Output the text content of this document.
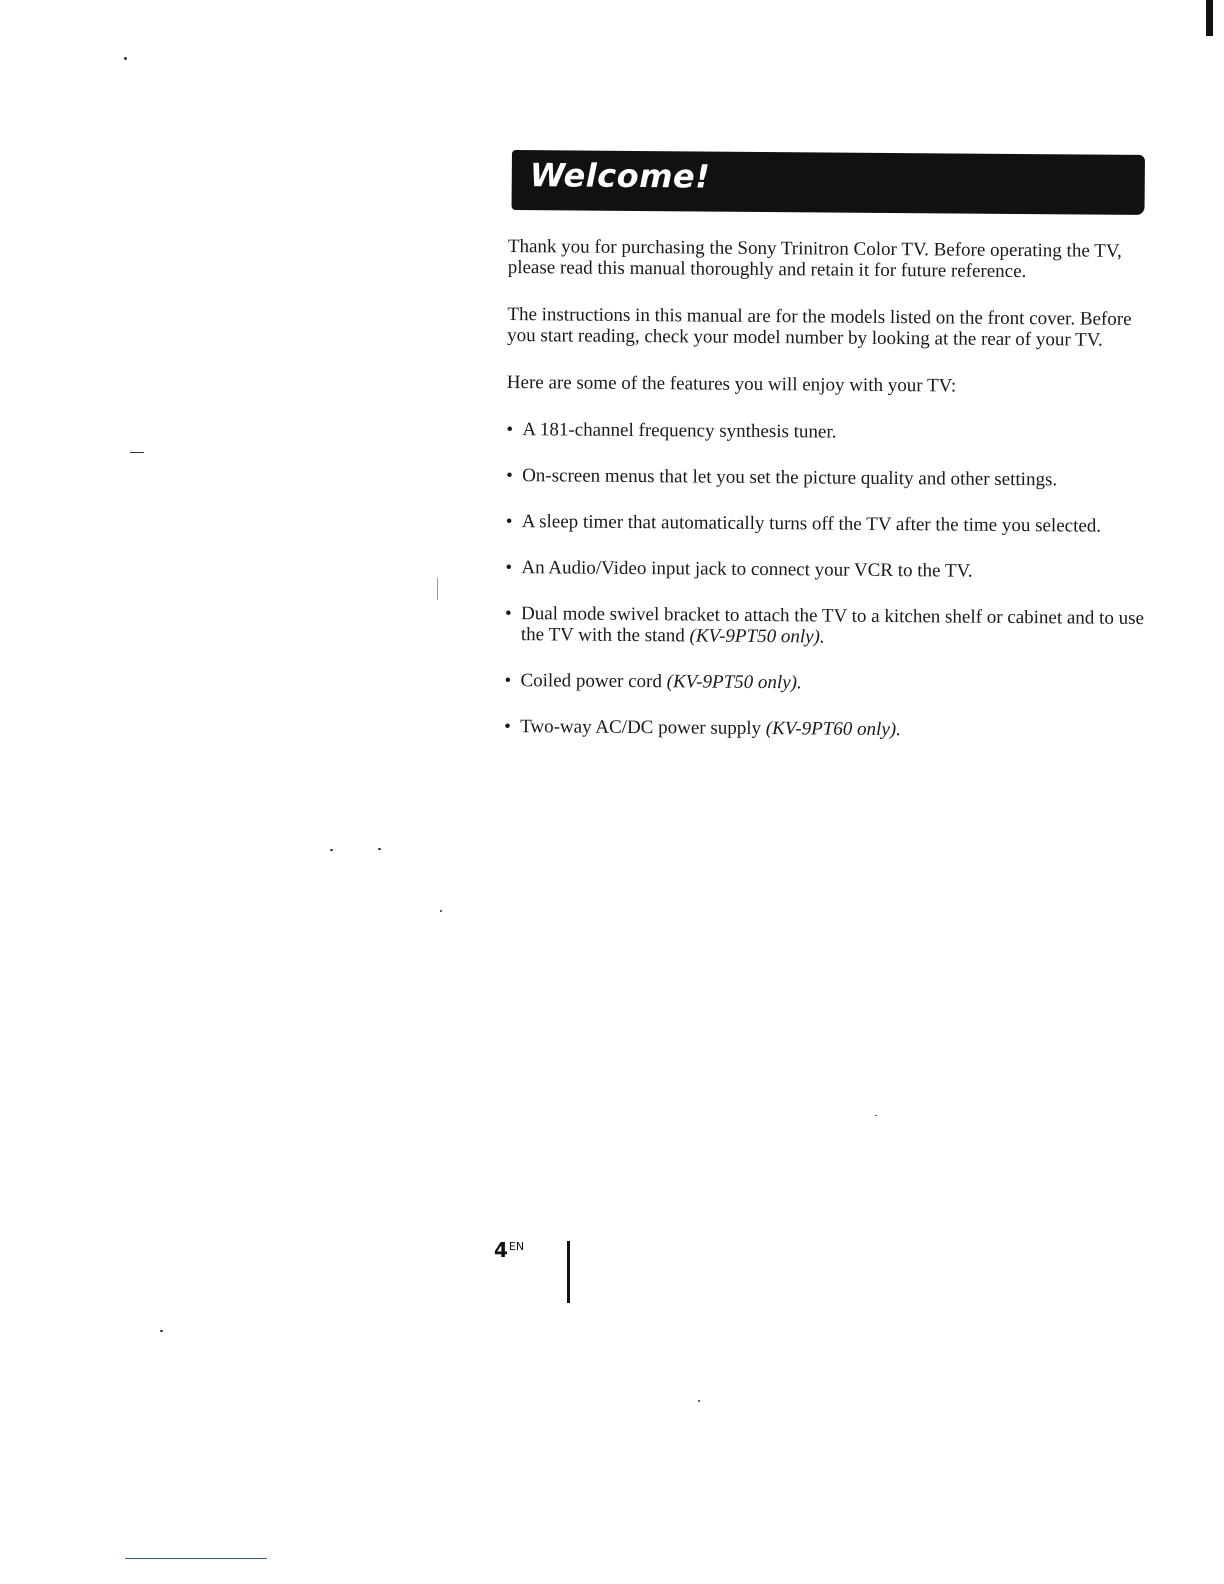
Welcome!

Thank you for purchasing the Sony Trinitron Color TV. Before operating the TV, please read this manual thoroughly and retain it for future reference.

The instructions in this manual are for the models listed on the front cover. Before you start reading, check your model number by looking at the rear of your TV.

Here are some of the features you will enjoy with your TV:

• A 181-channel frequency synthesis tuner.
• On-screen menus that let you set the picture quality and other settings.
• A sleep timer that automatically turns off the TV after the time you selected.
• An Audio/Video input jack to connect your VCR to the TV.
• Dual mode swivel bracket to attach the TV to a kitchen shelf or cabinet and to use the TV with the stand (KV-9PT50 only).
• Coiled power cord (KV-9PT50 only).
• Two-way AC/DC power supply (KV-9PT60 only).
$4^{EN}$
